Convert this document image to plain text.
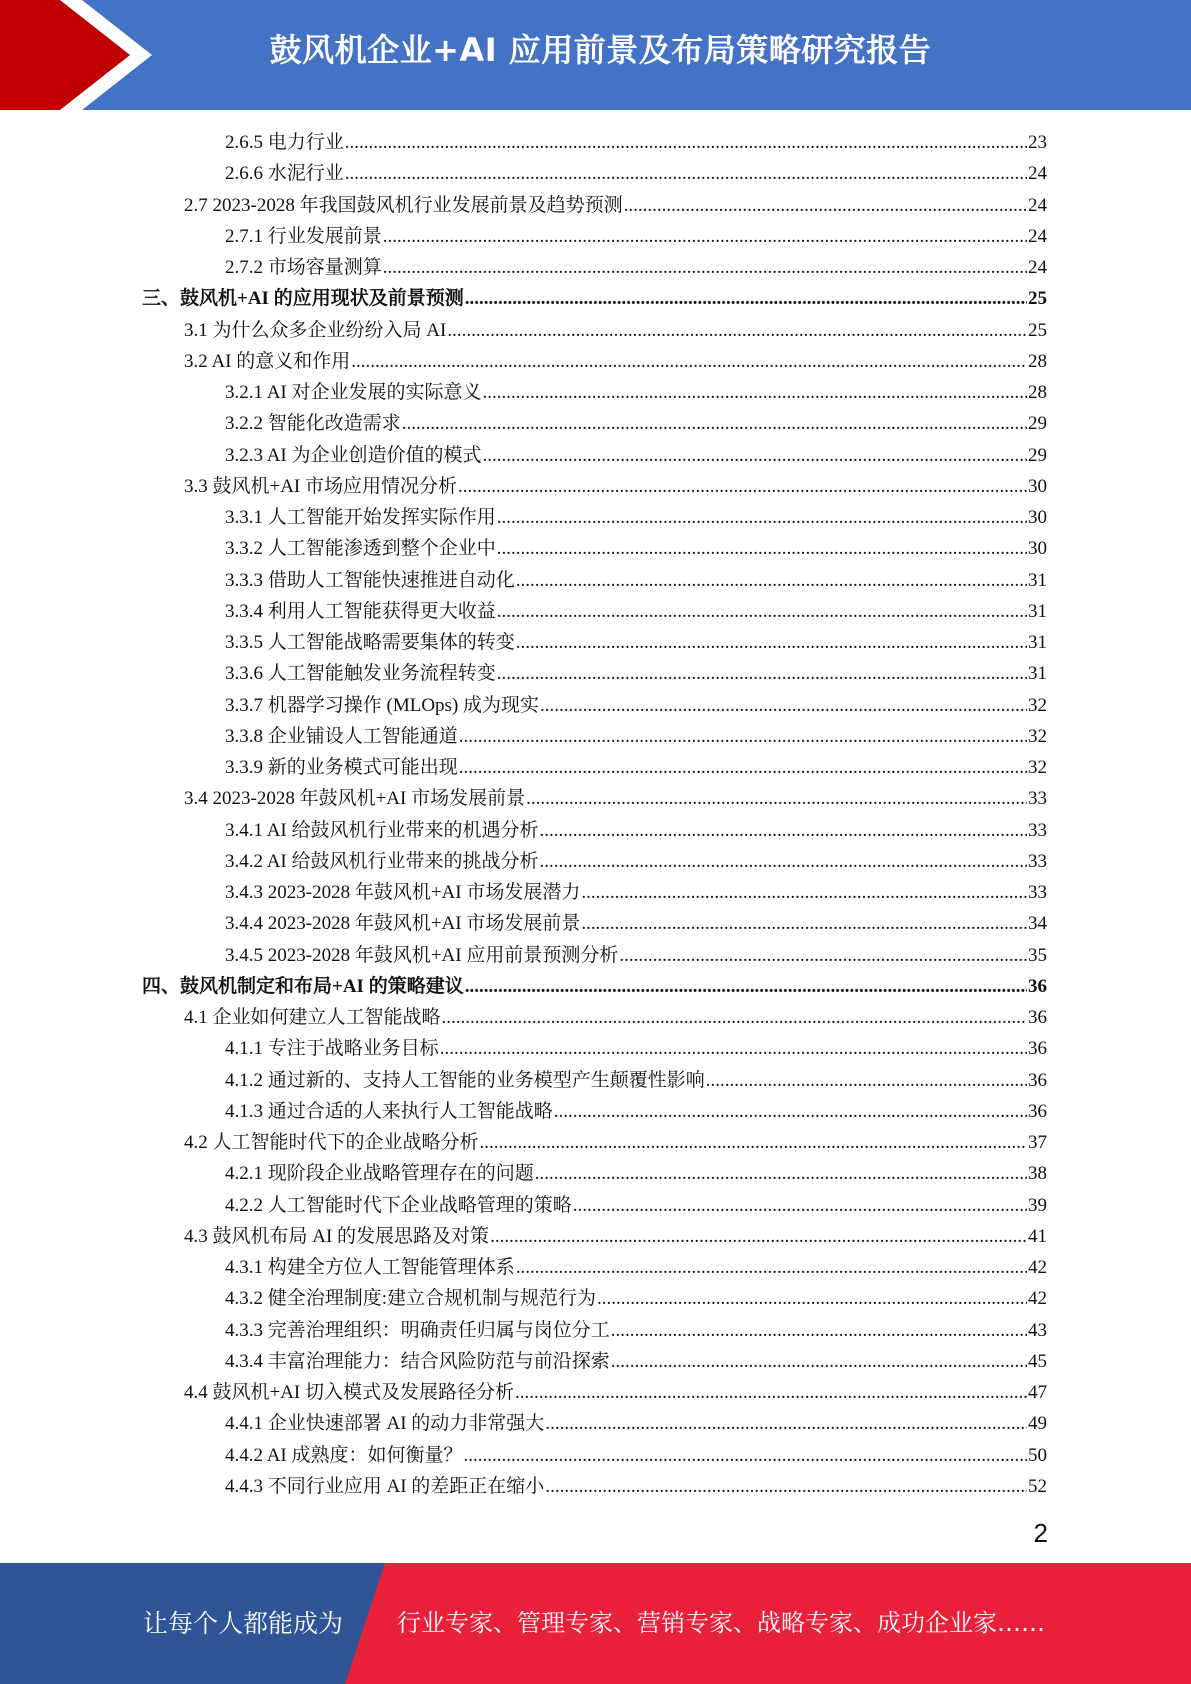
鼓风机企业+AI 应用前景及布局策略研究报告
2.6.5 电力行业 .....	23
2.6.6 水泥行业 .....	24
2.7 2023-2028 年我国鼓风机行业发展前景及趋势预测 .....	24
2.7.1 行业发展前景 .....	24
2.7.2 市场容量测算 .....	24
三、鼓风机+AI 的应用现状及前景预测 .....	25
3.1 为什么众多企业纷纷入局 AI .....	25
3.2 AI 的意义和作用 .....	28
3.2.1 AI 对企业发展的实际意义 .....	28
3.2.2 智能化改造需求 .....	29
3.2.3 AI 为企业创造价值的模式 .....	29
3.3 鼓风机+AI 市场应用情况分析 .....	30
3.3.1 人工智能开始发挥实际作用 .....	30
3.3.2 人工智能渗透到整个企业中 .....	30
3.3.3 借助人工智能快速推进自动化 .....	31
3.3.4 利用人工智能获得更大收益 .....	31
3.3.5 人工智能战略需要集体的转变 .....	31
3.3.6 人工智能触发业务流程转变 .....	31
3.3.7 机器学习操作 (MLOps) 成为现实 .....	32
3.3.8 企业铺设人工智能通道 .....	32
3.3.9 新的业务模式可能出现 .....	32
3.4 2023-2028 年鼓风机+AI 市场发展前景 .....	33
3.4.1 AI 给鼓风机行业带来的机遇分析 .....	33
3.4.2 AI 给鼓风机行业带来的挑战分析 .....	33
3.4.3 2023-2028 年鼓风机+AI 市场发展潜力 .....	33
3.4.4 2023-2028 年鼓风机+AI 市场发展前景 .....	34
3.4.5 2023-2028 年鼓风机+AI 应用前景预测分析 .....	35
四、鼓风机制定和布局+AI 的策略建议 .....	36
4.1 企业如何建立人工智能战略 .....	36
4.1.1 专注于战略业务目标 .....	36
4.1.2 通过新的、支持人工智能的业务模型产生颠覆性影响 .....	36
4.1.3 通过合适的人来执行人工智能战略 .....	36
4.2 人工智能时代下的企业战略分析 .....	37
4.2.1 现阶段企业战略管理存在的问题 .....	38
4.2.2 人工智能时代下企业战略管理的策略 .....	39
4.3 鼓风机布局 AI 的发展思路及对策 .....	41
4.3.1 构建全方位人工智能管理体系 .....	42
4.3.2 健全治理制度:建立合规机制与规范行为 .....	42
4.3.3 完善治理组织：明确责任归属与岗位分工 .....	43
4.3.4 丰富治理能力：结合风险防范与前沿探索 .....	45
4.4 鼓风机+AI 切入模式及发展路径分析 .....	47
4.4.1 企业快速部署 AI 的动力非常强大 .....	49
4.4.2 AI 成熟度：如何衡量？ .....	50
4.4.3 不同行业应用 AI 的差距正在缩小 .....	52
2
让每个人都能成为 行业专家、管理专家、营销专家、战略专家、成功企业家……
